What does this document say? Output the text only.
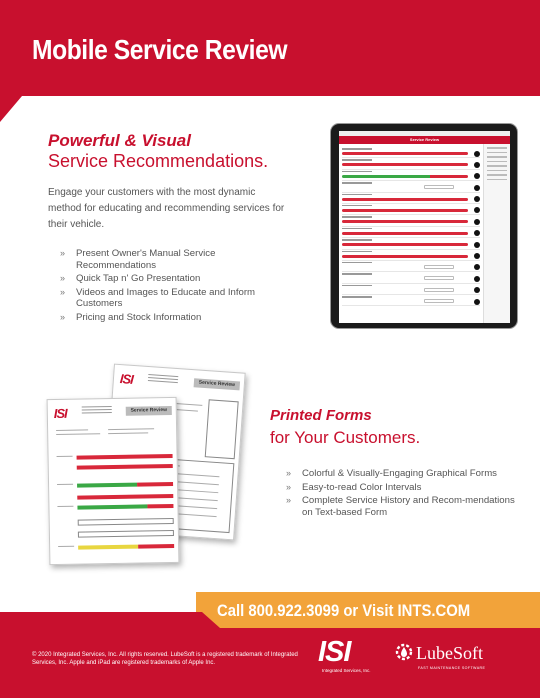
Mobile Service Review
Powerful & Visual
Service Recommendations.

Engage your customers with the most dynamic method for educating and recommending services for their vehicle.

» Present Owner's Manual Service Recommendations
» Quick Tap n' Go Presentation
» Videos and Images to Educate and Inform Customers
» Pricing and Stock Information
Service Review
ISI	Service Review
ISI	Service Review	Printed Forms
for Your Customers.
» Colorful & Visually-Engaging Graphical Forms
» Easy-to-read Color Intervals
» Complete Service History and Recom-mendations on Text-based Form
Call 800.922.3099 or Visit INTS.COM

© 2020 Integrated Services, Inc. All rights reserved. LubeSoft is a registered trademark of Integrated Services, Inc. Apple and iPad are registered trademarks of Apple Inc.	ISI
Integrated Services, Inc.
LubeSoft
FAST MAINTENANCE SOFTWARE
